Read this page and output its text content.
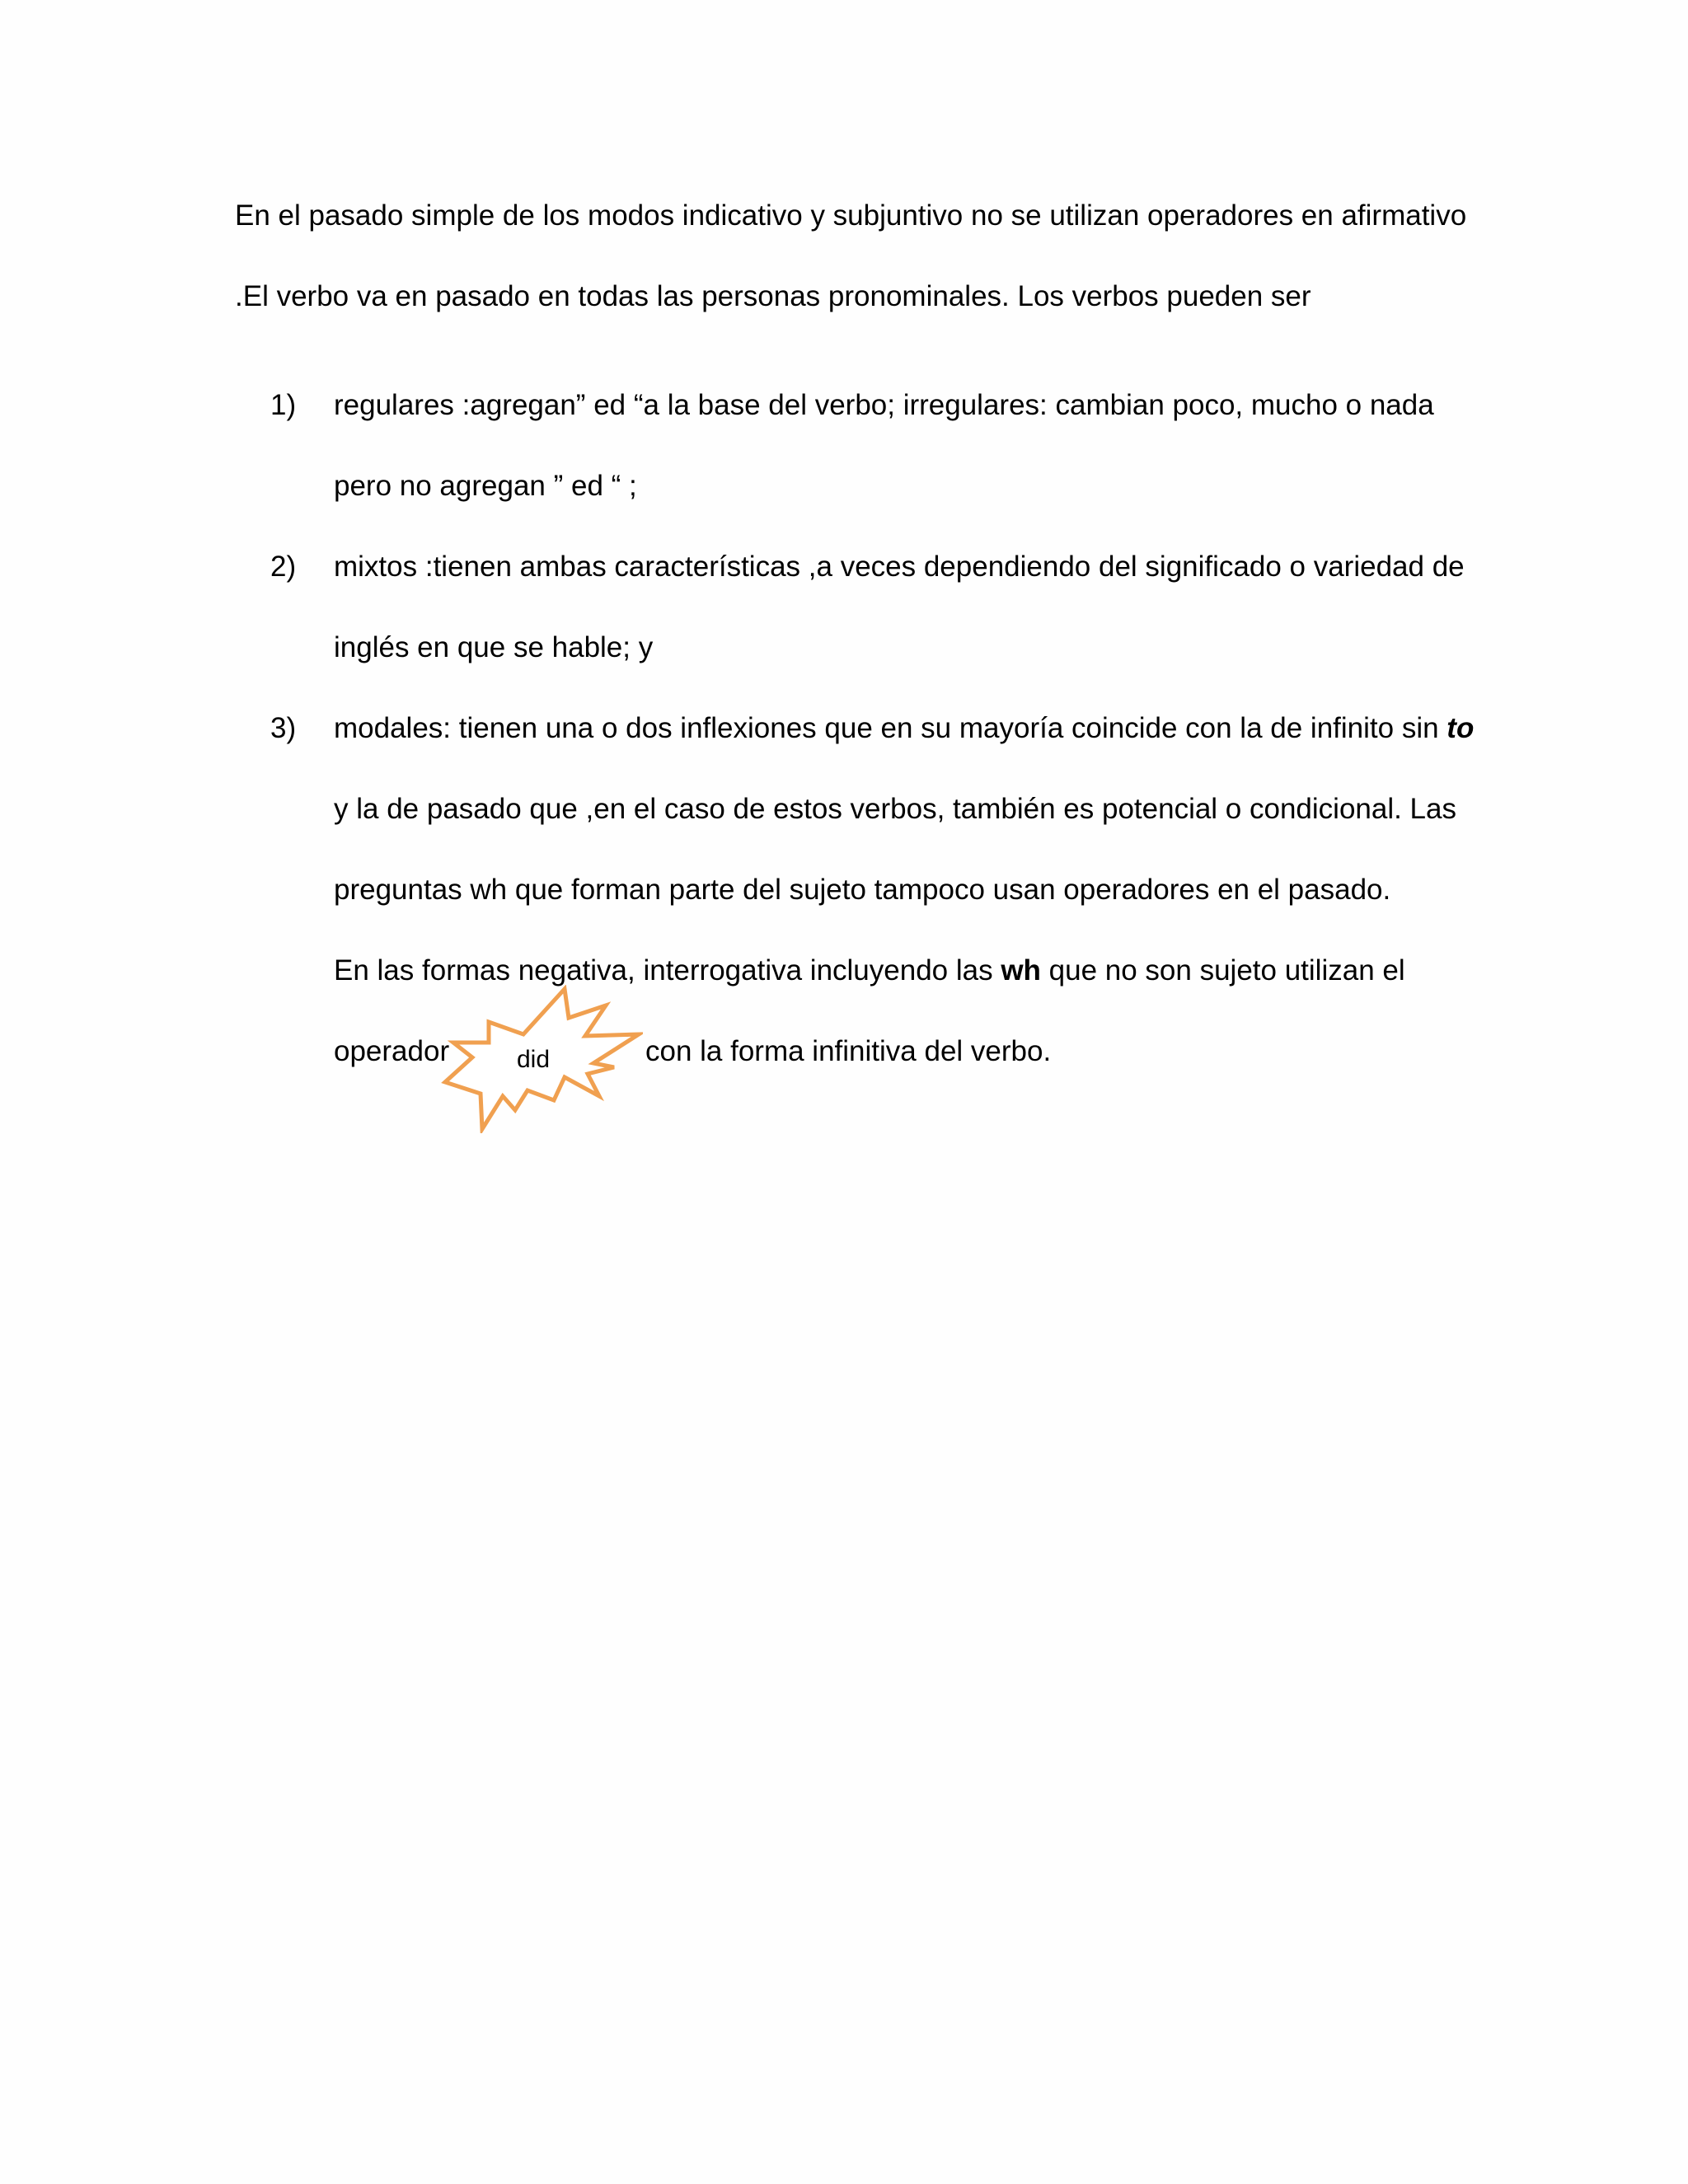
En el pasado simple de los modos indicativo y subjuntivo no se utilizan operadores en afirmativo
.El verbo va en pasado en todas las personas pronominales. Los verbos pueden ser
1) regulares :agregan” ed “a la base del verbo; irregulares: cambian poco, mucho o nada
pero no agregan ” ed “ ;
2) mixtos :tienen ambas características ,a veces dependiendo del significado o variedad de
inglés en que se hable; y
3) modales: tienen una o dos inflexiones que en su mayoría coincide con la de infinito sin to
y la de pasado que ,en el caso de estos verbos, también es potencial o condicional. Las
preguntas wh que forman parte del sujeto tampoco usan operadores en el pasado.
En las formas negativa, interrogativa incluyendo las wh que no son sujeto utilizan el
operador	con la forma infinitiva del verbo.
did
